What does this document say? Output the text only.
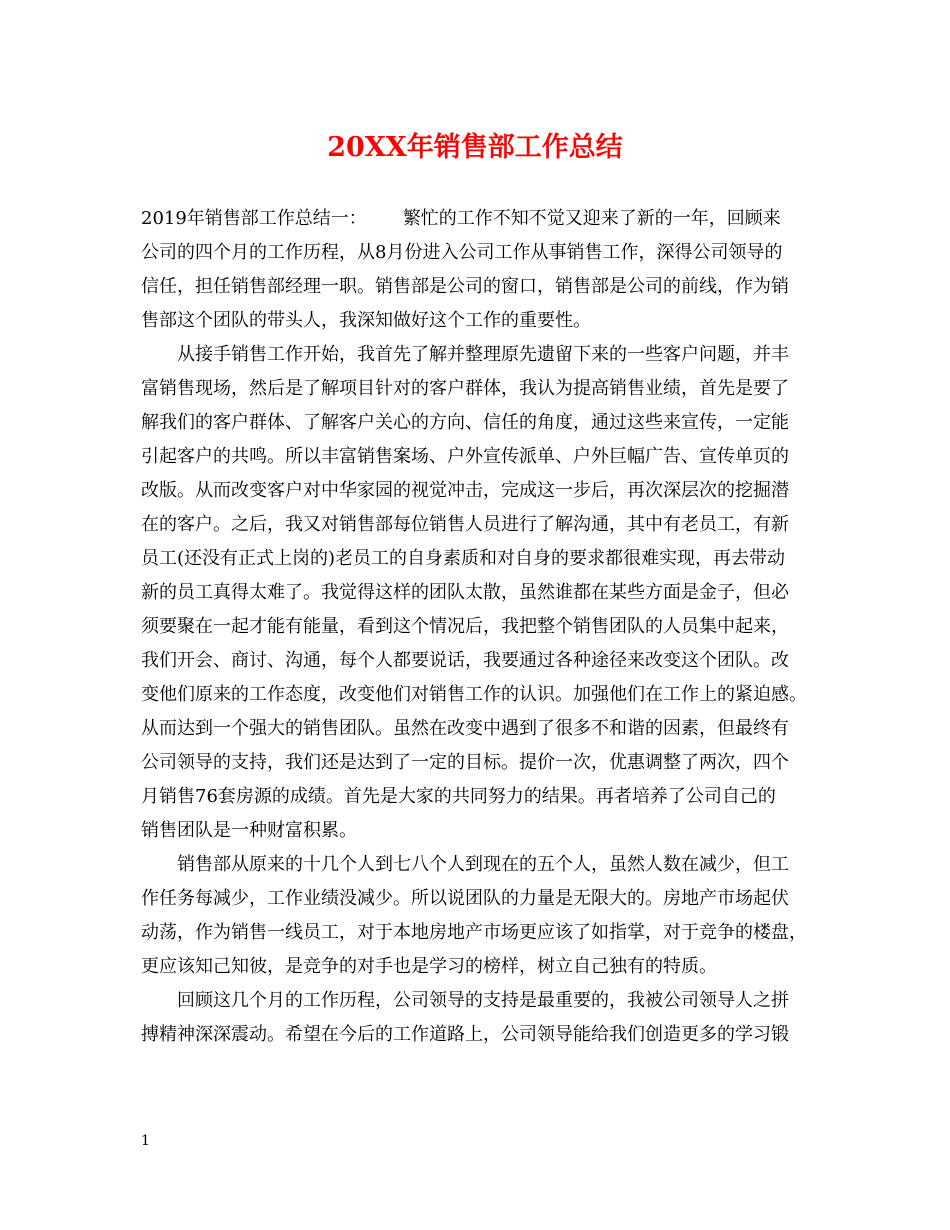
20XX年销售部工作总结
2019年销售部工作总结一： 繁忙的工作不知不觉又迎来了新的一年，回顾来
公司的四个月的工作历程，从8月份进入公司工作从事销售工作，深得公司领导的
信任，担任销售部经理一职。销售部是公司的窗口，销售部是公司的前线，作为销
售部这个团队的带头人，我深知做好这个工作的重要性。
从接手销售工作开始，我首先了解并整理原先遗留下来的一些客户问题，并丰
富销售现场，然后是了解项目针对的客户群体，我认为提高销售业绩，首先是要了
解我们的客户群体、了解客户关心的方向、信任的角度，通过这些来宣传，一定能
引起客户的共鸣。所以丰富销售案场、户外宣传派单、户外巨幅广告、宣传单页的
改版。从而改变客户对中华家园的视觉冲击，完成这一步后，再次深层次的挖掘潜
在的客户。之后，我又对销售部每位销售人员进行了解沟通，其中有老员工，有新
员工(还没有正式上岗的)老员工的自身素质和对自身的要求都很难实现，再去带动
新的员工真得太难了。我觉得这样的团队太散，虽然谁都在某些方面是金子，但必
须要聚在一起才能有能量，看到这个情况后，我把整个销售团队的人员集中起来，
我们开会、商讨、沟通，每个人都要说话，我要通过各种途径来改变这个团队。改
变他们原来的工作态度，改变他们对销售工作的认识。加强他们在工作上的紧迫感。
从而达到一个强大的销售团队。虽然在改变中遇到了很多不和谐的因素，但最终有
公司领导的支持，我们还是达到了一定的目标。提价一次，优惠调整了两次，四个
月销售76套房源的成绩。首先是大家的共同努力的结果。再者培养了公司自己的
销售团队是一种财富积累。
销售部从原来的十几个人到七八个人到现在的五个人，虽然人数在减少，但工
作任务每减少，工作业绩没减少。所以说团队的力量是无限大的。房地产市场起伏
动荡，作为销售一线员工，对于本地房地产市场更应该了如指掌，对于竞争的楼盘，
更应该知己知彼，是竞争的对手也是学习的榜样，树立自己独有的特质。
回顾这几个月的工作历程，公司领导的支持是最重要的，我被公司领导人之拼
搏精神深深震动。希望在今后的工作道路上，公司领导能给我们创造更多的学习锻
1
